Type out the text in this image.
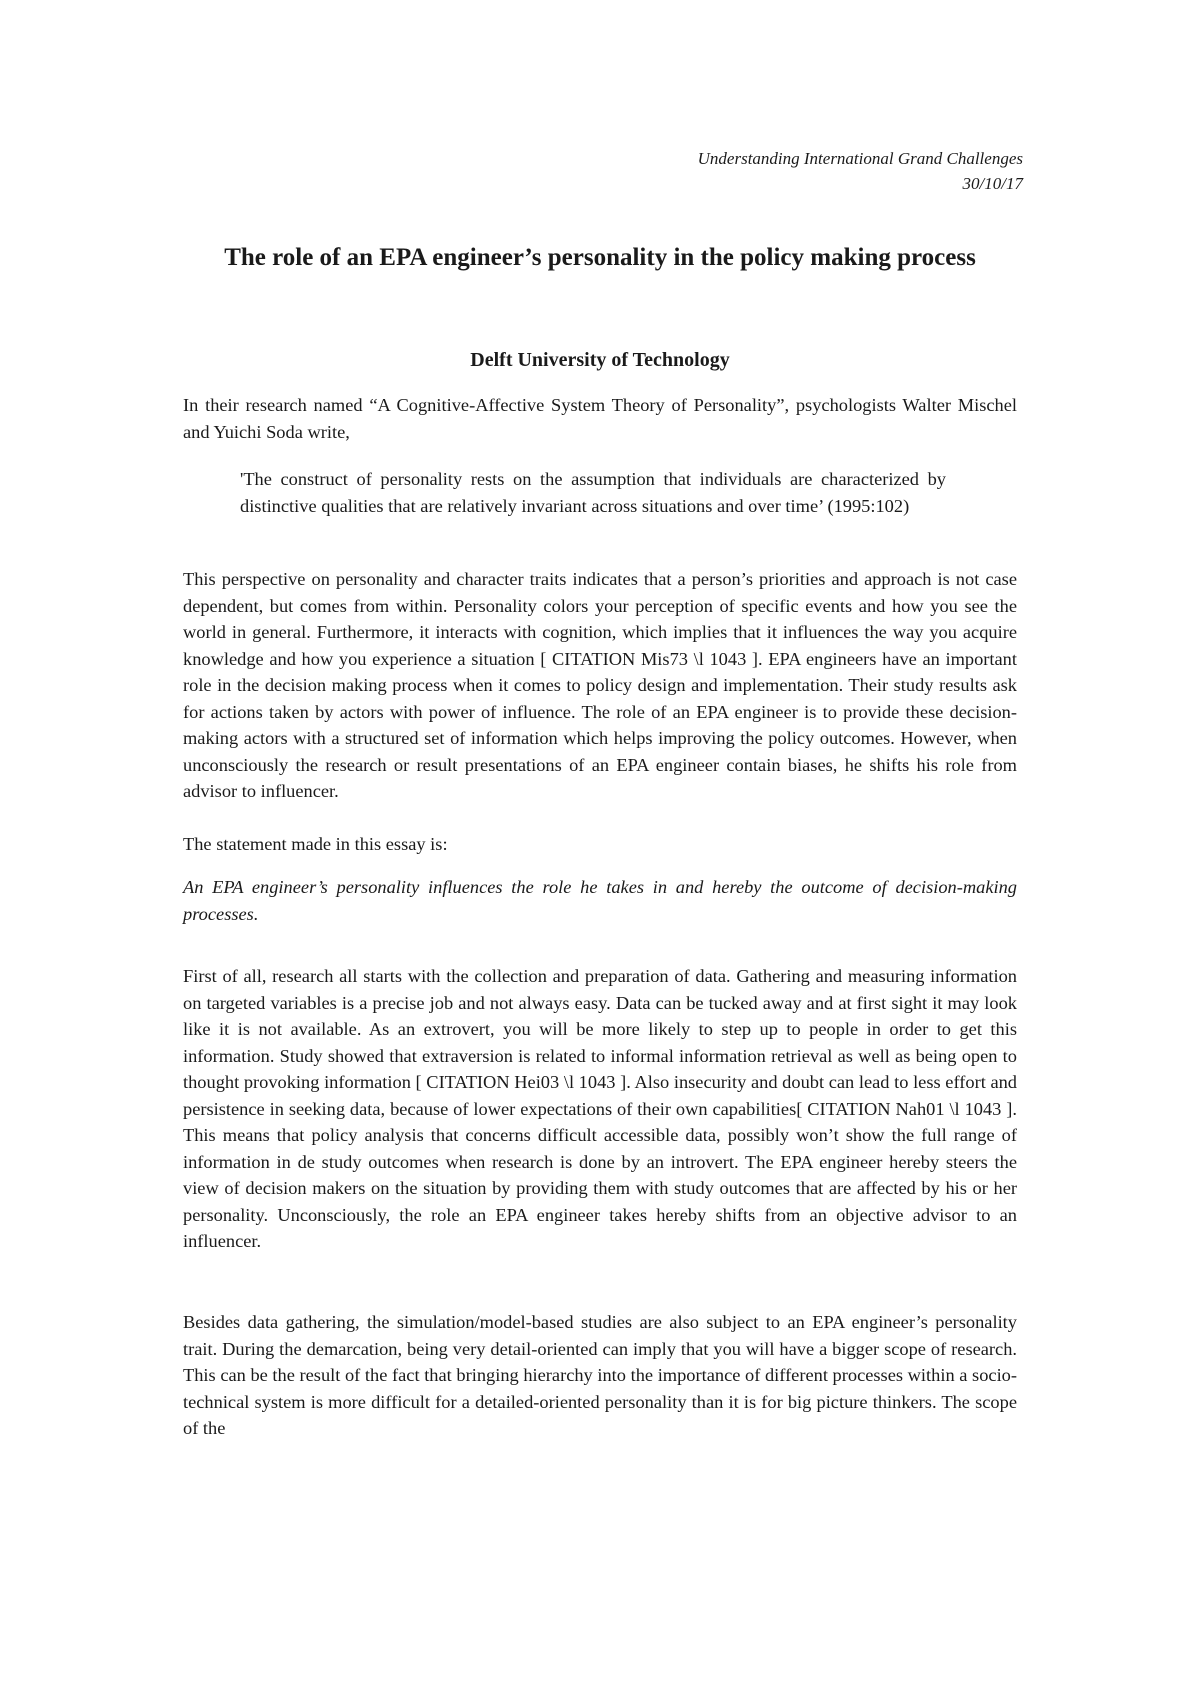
Understanding International Grand Challenges
30/10/17
The role of an EPA engineer’s personality in the policy making process
Delft University of Technology

In their research named “A Cognitive-Affective System Theory of Personality”, psychologists Walter Mischel and Yuichi Soda write,

'The construct of personality rests on the assumption that individuals are characterized by distinctive qualities that are relatively invariant across situations and over time’ (1995:102)

This perspective on personality and character traits indicates that a person’s priorities and approach is not case dependent, but comes from within. Personality colors your perception of specific events and how you see the world in general. Furthermore, it interacts with cognition, which implies that it influences the way you acquire knowledge and how you experience a situation [ CITATION Mis73 \l 1043 ]. EPA engineers have an important role in the decision making process when it comes to policy design and implementation. Their study results ask for actions taken by actors with power of influence. The role of an EPA engineer is to provide these decision-making actors with a structured set of information which helps improving the policy outcomes. However, when unconsciously the research or result presentations of an EPA engineer contain biases, he shifts his role from advisor to influencer.

The statement made in this essay is:

An EPA engineer’s personality influences the role he takes in and hereby the outcome of decision-making processes.

First of all, research all starts with the collection and preparation of data. Gathering and measuring information on targeted variables is a precise job and not always easy. Data can be tucked away and at first sight it may look like it is not available. As an extrovert, you will be more likely to step up to people in order to get this information. Study showed that extraversion is related to informal information retrieval as well as being open to thought provoking information [ CITATION Hei03 \l 1043 ]. Also insecurity and doubt can lead to less effort and persistence in seeking data, because of lower expectations of their own capabilities[ CITATION Nah01 \l 1043 ]. This means that policy analysis that concerns difficult accessible data, possibly won’t show the full range of information in de study outcomes when research is done by an introvert. The EPA engineer hereby steers the view of decision makers on the situation by providing them with study outcomes that are affected by his or her personality. Unconsciously, the role an EPA engineer takes hereby shifts from an objective advisor to an influencer.

Besides data gathering, the simulation/model-based studies are also subject to an EPA engineer’s personality trait. During the demarcation, being very detail-oriented can imply that you will have a bigger scope of research. This can be the result of the fact that bringing hierarchy into the importance of different processes within a socio-technical system is more difficult for a detailed-oriented personality than it is for big picture thinkers. The scope of the
